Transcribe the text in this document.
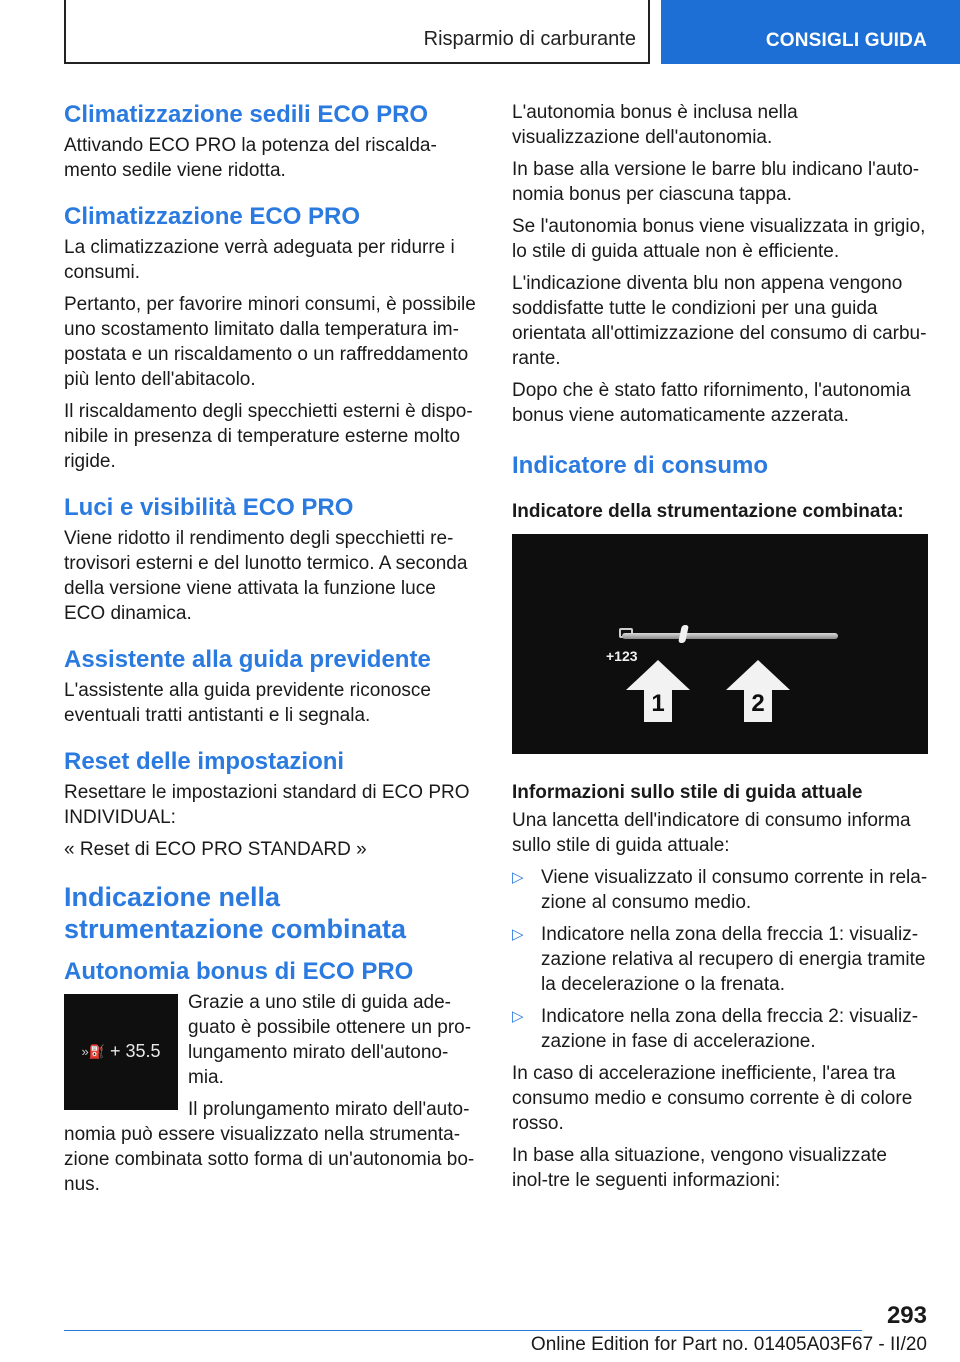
Risparmio di carburante	CONSIGLI GUIDA
Climatizzazione sedili ECO PRO

Attivando ECO PRO la potenza del riscalda-mento sedile viene ridotta.

Climatizzazione ECO PRO

La climatizzazione verrà adeguata per ridurre i consumi.

Pertanto, per favorire minori consumi, è possibile uno scostamento limitato dalla temperatura im-postata e un riscaldamento o un raffreddamento più lento dell'abitacolo.

Il riscaldamento degli specchietti esterni è dispo-nibile in presenza di temperature esterne molto rigide.

Luci e visibilità ECO PRO

Viene ridotto il rendimento degli specchietti re-trovisori esterni e del lunotto termico. A seconda della versione viene attivata la funzione luce ECO dinamica.

Assistente alla guida previdente

L'assistente alla guida previdente riconosce eventuali tratti antistanti e li segnala.

Reset delle impostazioni

Resettare le impostazioni standard di ECO PRO INDIVIDUAL:

« Reset di ECO PRO STANDARD »

Indicazione nella strumentazione combinata
Autonomia bonus di ECO PRO
»⛽ + 35.5

Grazie a uno stile di guida ade-guato è possibile ottenere un pro-lungamento mirato dell'autono-mia.

Il prolungamento mirato dell'auto-nomia può essere visualizzato nella strumenta-zione combinata sotto forma di un'autonomia bo-nus.

L'autonomia bonus è inclusa nella visualizzazione dell'autonomia.

In base alla versione le barre blu indicano l'auto-nomia bonus per ciascuna tappa.

Se l'autonomia bonus viene visualizzata in grigio, lo stile di guida attuale non è efficiente.

L'indicazione diventa blu non appena vengono soddisfatte tutte le condizioni per una guida orientata all'ottimizzazione del consumo di carbu-rante.

Dopo che è stato fatto rifornimento, l'autonomia bonus viene automaticamente azzerata.

Indicatore di consumo
Indicatore della strumentazione combinata:
+123
1	2
Informazioni sullo stile di guida attuale

Una lancetta dell'indicatore di consumo informa sullo stile di guida attuale:

▷ Viene visualizzato il consumo corrente in rela-zione al consumo medio.
▷ Indicatore nella zona della freccia 1: visualiz-zazione relativa al recupero di energia tramite la decelerazione o la frenata.
▷ Indicatore nella zona della freccia 2: visualiz-zazione in fase di accelerazione.

In caso di accelerazione inefficiente, l'area tra consumo medio e consumo corrente è di colore rosso.

In base alla situazione, vengono visualizzate inol-tre le seguenti informazioni:

293
Online Edition for Part no. 01405A03F67 - II/20
